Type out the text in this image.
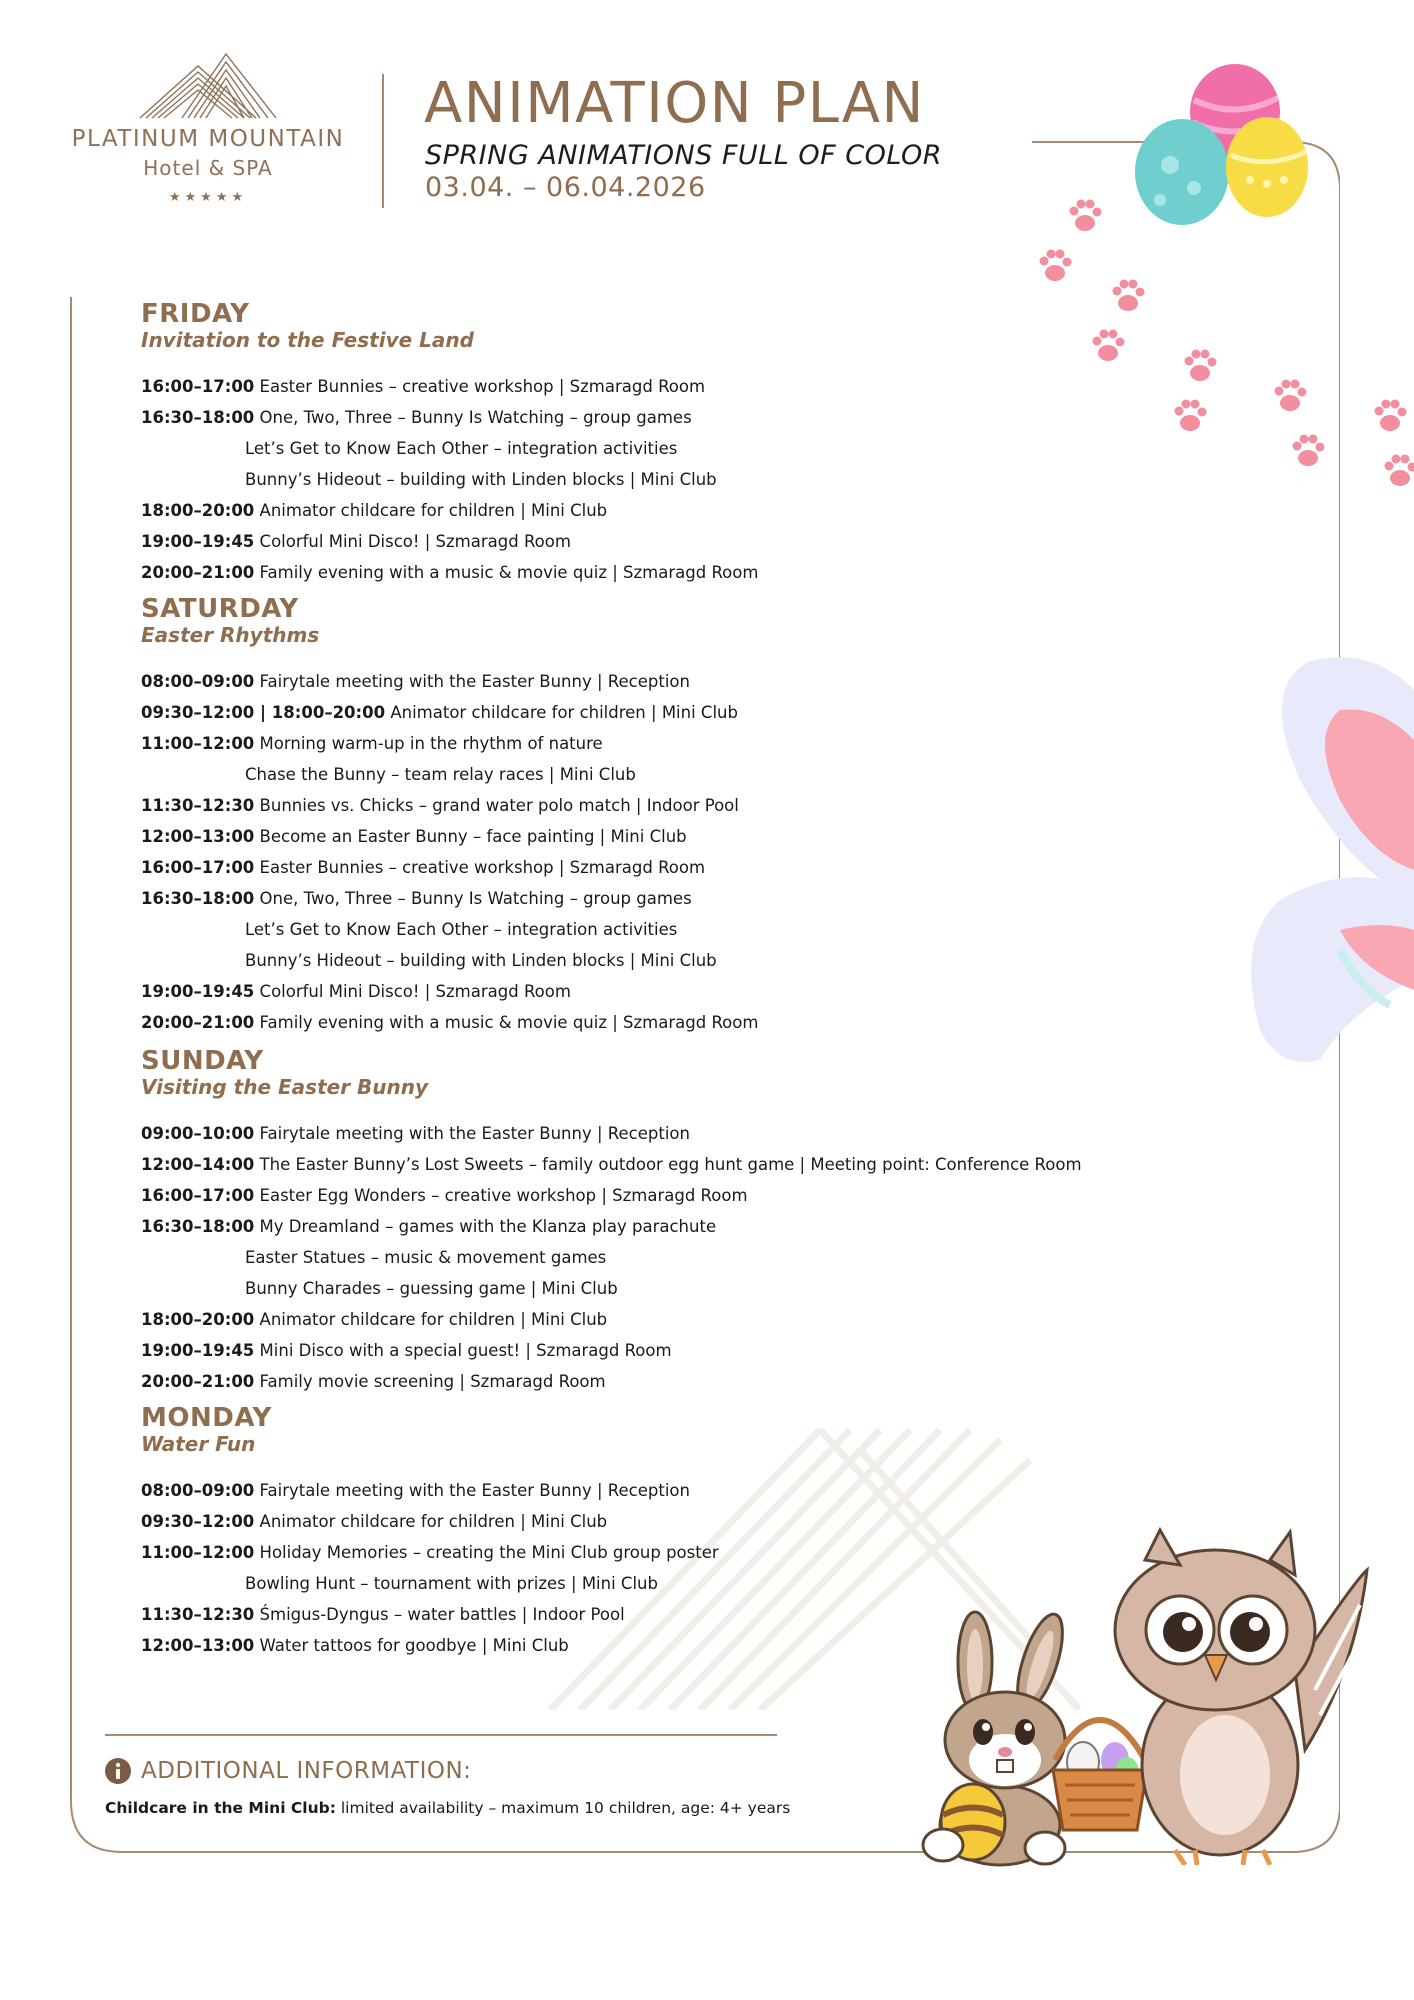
PLATINUM MOUNTAIN
Hotel & SPA
★★★★★
ANIMATION PLAN
SPRING ANIMATIONS FULL OF COLOR
03.04. – 06.04.2026
FRIDAY
Invitation to the Festive Land
16:00–17:00 Easter Bunnies – creative workshop | Szmaragd Room
16:30–18:00 One, Two, Three – Bunny Is Watching – group games
Let’s Get to Know Each Other – integration activities
Bunny’s Hideout – building with Linden blocks | Mini Club
18:00–20:00 Animator childcare for children | Mini Club
19:00–19:45 Colorful Mini Disco! | Szmaragd Room
20:00–21:00 Family evening with a music & movie quiz | Szmaragd Room
SATURDAY
Easter Rhythms
08:00–09:00 Fairytale meeting with the Easter Bunny | Reception
09:30–12:00 | 18:00–20:00 Animator childcare for children | Mini Club
11:00–12:00 Morning warm-up in the rhythm of nature
Chase the Bunny – team relay races | Mini Club
11:30–12:30 Bunnies vs. Chicks – grand water polo match | Indoor Pool
12:00–13:00 Become an Easter Bunny – face painting | Mini Club
16:00–17:00 Easter Bunnies – creative workshop | Szmaragd Room
16:30–18:00 One, Two, Three – Bunny Is Watching – group games
Let’s Get to Know Each Other – integration activities
Bunny’s Hideout – building with Linden blocks | Mini Club
19:00–19:45 Colorful Mini Disco! | Szmaragd Room
20:00–21:00 Family evening with a music & movie quiz | Szmaragd Room
SUNDAY
Visiting the Easter Bunny
09:00–10:00 Fairytale meeting with the Easter Bunny | Reception
12:00–14:00 The Easter Bunny’s Lost Sweets – family outdoor egg hunt game | Meeting point: Conference Room
16:00–17:00 Easter Egg Wonders – creative workshop | Szmaragd Room
16:30–18:00 My Dreamland – games with the Klanza play parachute
Easter Statues – music & movement games
Bunny Charades – guessing game | Mini Club
18:00–20:00 Animator childcare for children | Mini Club
19:00–19:45 Mini Disco with a special guest! | Szmaragd Room
20:00–21:00 Family movie screening | Szmaragd Room
MONDAY
Water Fun
08:00–09:00 Fairytale meeting with the Easter Bunny | Reception
09:30–12:00 Animator childcare for children | Mini Club
11:00–12:00 Holiday Memories – creating the Mini Club group poster
Bowling Hunt – tournament with prizes | Mini Club
11:30–12:30 Śmigus-Dyngus – water battles | Indoor Pool
12:00–13:00 Water tattoos for goodbye | Mini Club
ADDITIONAL INFORMATION:
Childcare in the Mini Club: limited availability – maximum 10 children, age: 4+ years
